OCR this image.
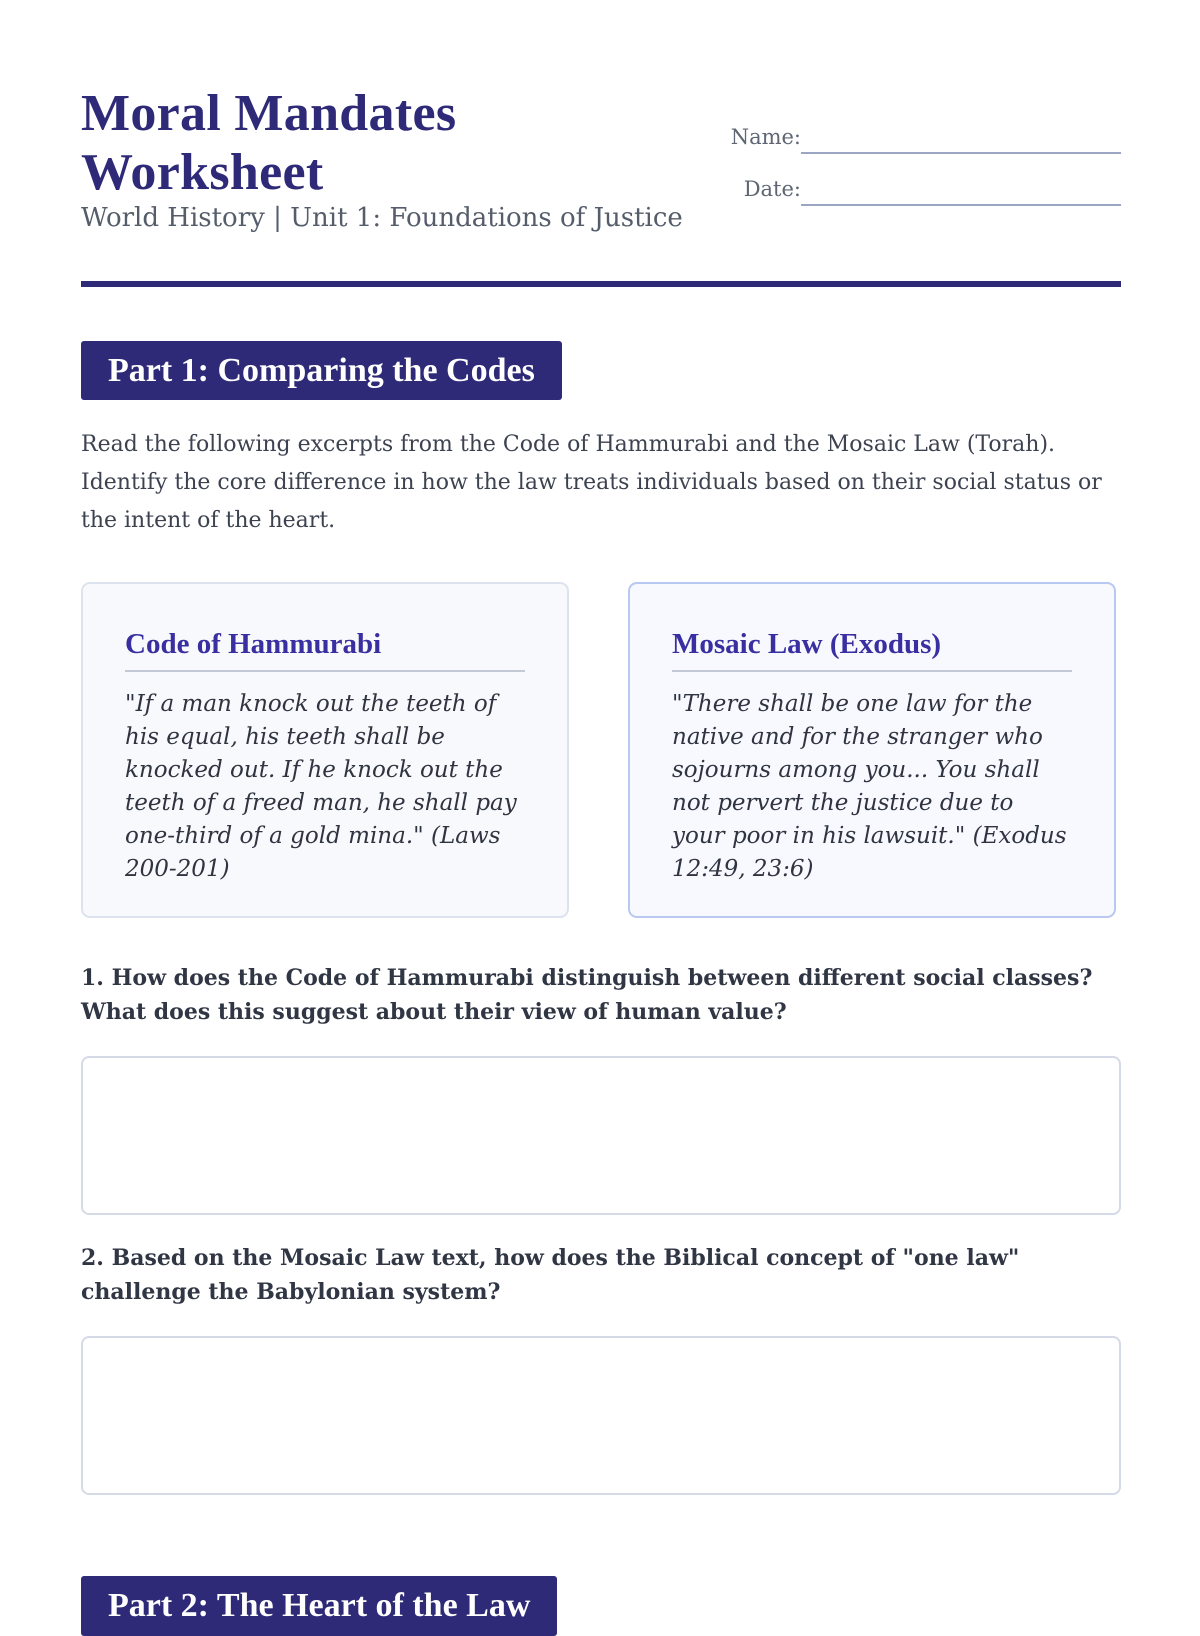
Moral Mandates Worksheet
World History | Unit 1: Foundations of Justice
Name:
Date:
Part 1: Comparing the Codes
Read the following excerpts from the Code of Hammurabi and the Mosaic Law (Torah). Identify the core difference in how the law treats individuals based on their social status or the intent of the heart.
Code of Hammurabi
"If a man knock out the teeth of his equal, his teeth shall be knocked out. If he knock out the teeth of a freed man, he shall pay one-third of a gold mina." (Laws 200-201)
Mosaic Law (Exodus)
"There shall be one law for the native and for the stranger who sojourns among you... You shall not pervert the justice due to your poor in his lawsuit." (Exodus 12:49, 23:6)
1. How does the Code of Hammurabi distinguish between different social classes? What does this suggest about their view of human value?
2. Based on the Mosaic Law text, how does the Biblical concept of "one law" challenge the Babylonian system?
Part 2: The Heart of the Law
